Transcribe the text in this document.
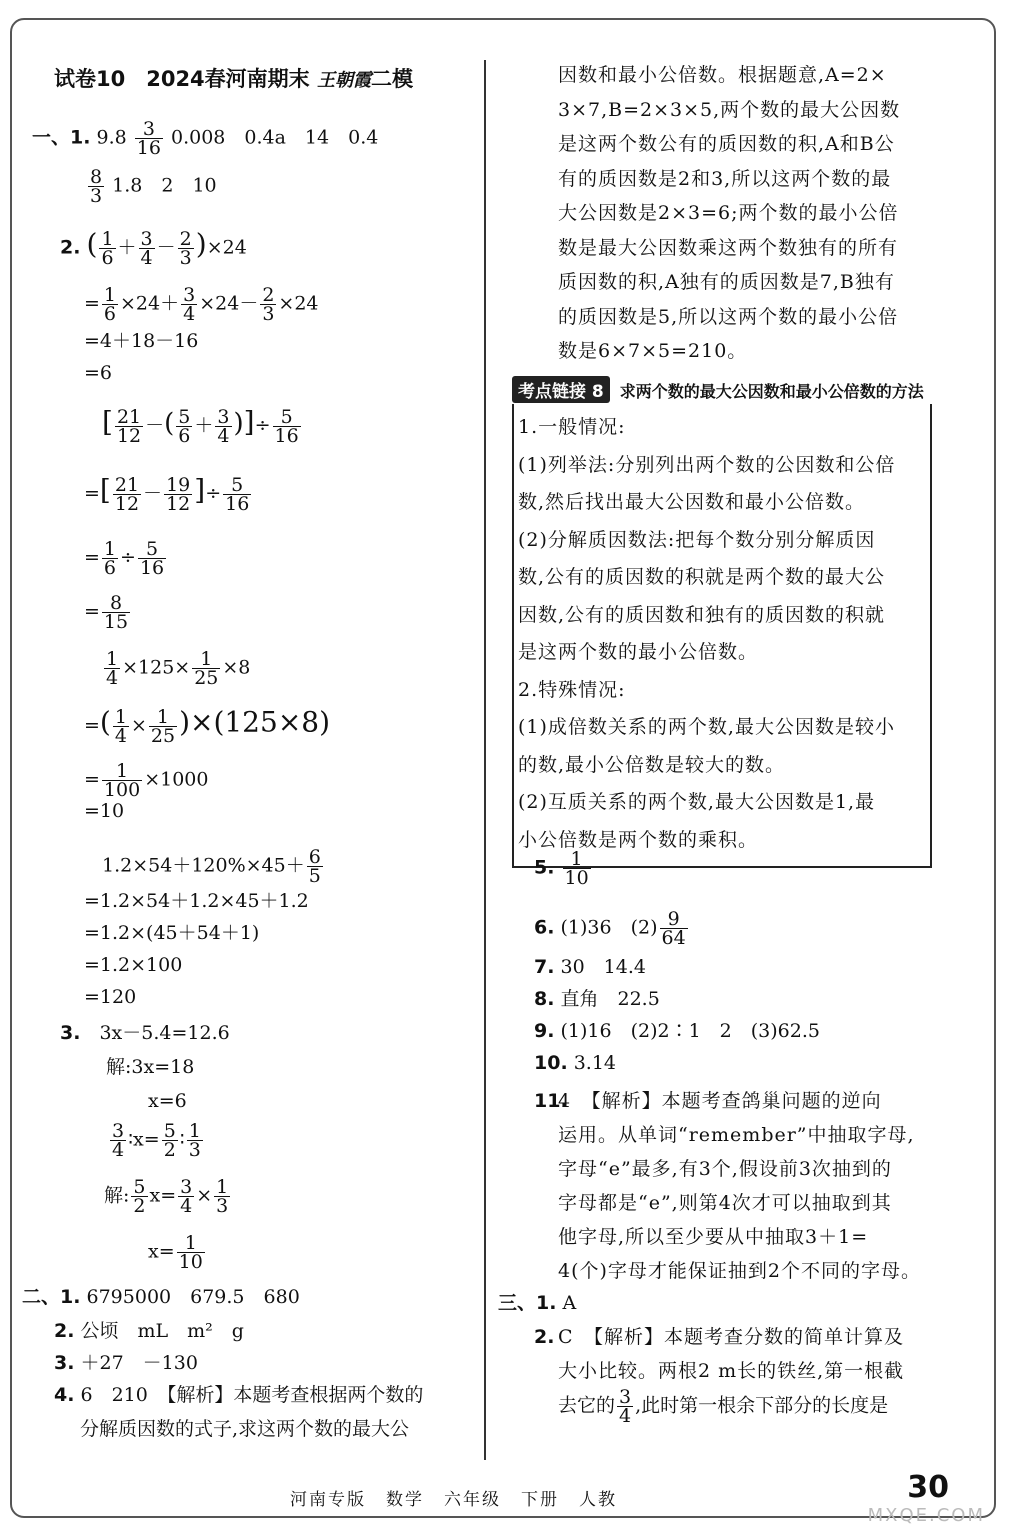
试卷10　2024春河南期末 王朝霞二模
一、1. $9.8 \frac{3}{16} 0.008$　0.4a　14　0.4
$\frac{8}{3} 1.8$　2　10
2. ( $\frac{1}{6} + \frac{3}{4} - \frac{2}{3} )\times 24$
= $\frac{1}{6} \times 24+ \frac{3}{4} \times 24- \frac{2}{3} \times 24$
=4＋18－16
=6
[ $\frac{21}{12}$ －( $\frac{5}{6} + \frac{3}{4}$ )]÷ $\frac{5}{16}$
=[ $\frac{21}{12} - \frac{19}{12}$ ]÷ $\frac{5}{16}$
= $\frac{1}{6} \div \frac{5}{16}$
= $\frac{8}{15}$
$\frac{1}{4} \times 125\times \frac{1}{25} \times 8$
=( $\frac{1}{4} \times \frac{1}{25} )\times(125\times 8)$
= $\frac{1}{100} \times 1000$
=10
$1.2\times 54+120\%\times 45+ \frac{6}{5}$
=1.2×54＋1.2×45＋1.2
=1.2×(45＋54＋1)
=1.2×100
=120
3.　 3x－5.4=12.6
解:3x=18
x=6
$\frac{3}{4}$ ∶x= $\frac{5}{2}$ ∶ $\frac{1}{3}$
解: $\frac{5}{2} x= \frac{3}{4} \times \frac{1}{3}$
$x= \frac{1}{10}$
二、1. 6795000　679.5　680
2. 公顷　mL　m²　g
3. ＋27　－130
4. 6　210　【解析】本题考查根据两个数的
分解质因数的式子,求这两个数的最大公
因数和最小公倍数。根据题意,A=2×
3×7,B=2×3×5,两个数的最大公因数
是这两个数公有的质因数的积,A和B公
有的质因数是2和3,所以这两个数的最
大公因数是2×3=6;两个数的最小公倍
数是最大公因数乘这两个数独有的所有
质因数的积,A独有的质因数是7,B独有
的质因数是5,所以这两个数的最小公倍
数是6×7×5=210。
考点链接 8 求两个数的最大公因数和最小公倍数的方法
1.一般情况:
(1)列举法:分别列出两个数的公因数和公倍
数,然后找出最大公因数和最小公倍数。
(2)分解质因数法:把每个数分别分解质因
数,公有的质因数的积就是两个数的最大公
因数,公有的质因数和独有的质因数的积就
是这两个数的最小公倍数。
2.特殊情况:
(1)成倍数关系的两个数,最大公因数是较小
的数,最小公倍数是较大的数。
(2)互质关系的两个数,最大公因数是1,最
小公倍数是两个数的乘积。
5. $\frac{1}{10}$
6. (1)36　$(2) \frac{9}{64}$
7. 30　14.4
8. 直角　22.5
9. (1)16　(2)2∶1　2　(3)62.5
10. 3.14
11.
4　【解析】本题考查鸽巢问题的逆向
运用。从单词“remember”中抽取字母,
字母“e”最多,有3个,假设前3次抽到的
字母都是“e”,则第4次才可以抽取到其
他字母,所以至少要从中抽取3＋1=
4(个)字母才能保证抽到2个不同的字母。
三、1. A
2. C　【解析】本题考查分数的简单计算及
大小比较。两根2 m长的铁丝,第一根截
去它的 $\frac{3}{4}$ ,此时第一根余下部分的长度是
河南专版 数学 六年级 下册 人教	30
MXQE.COM
